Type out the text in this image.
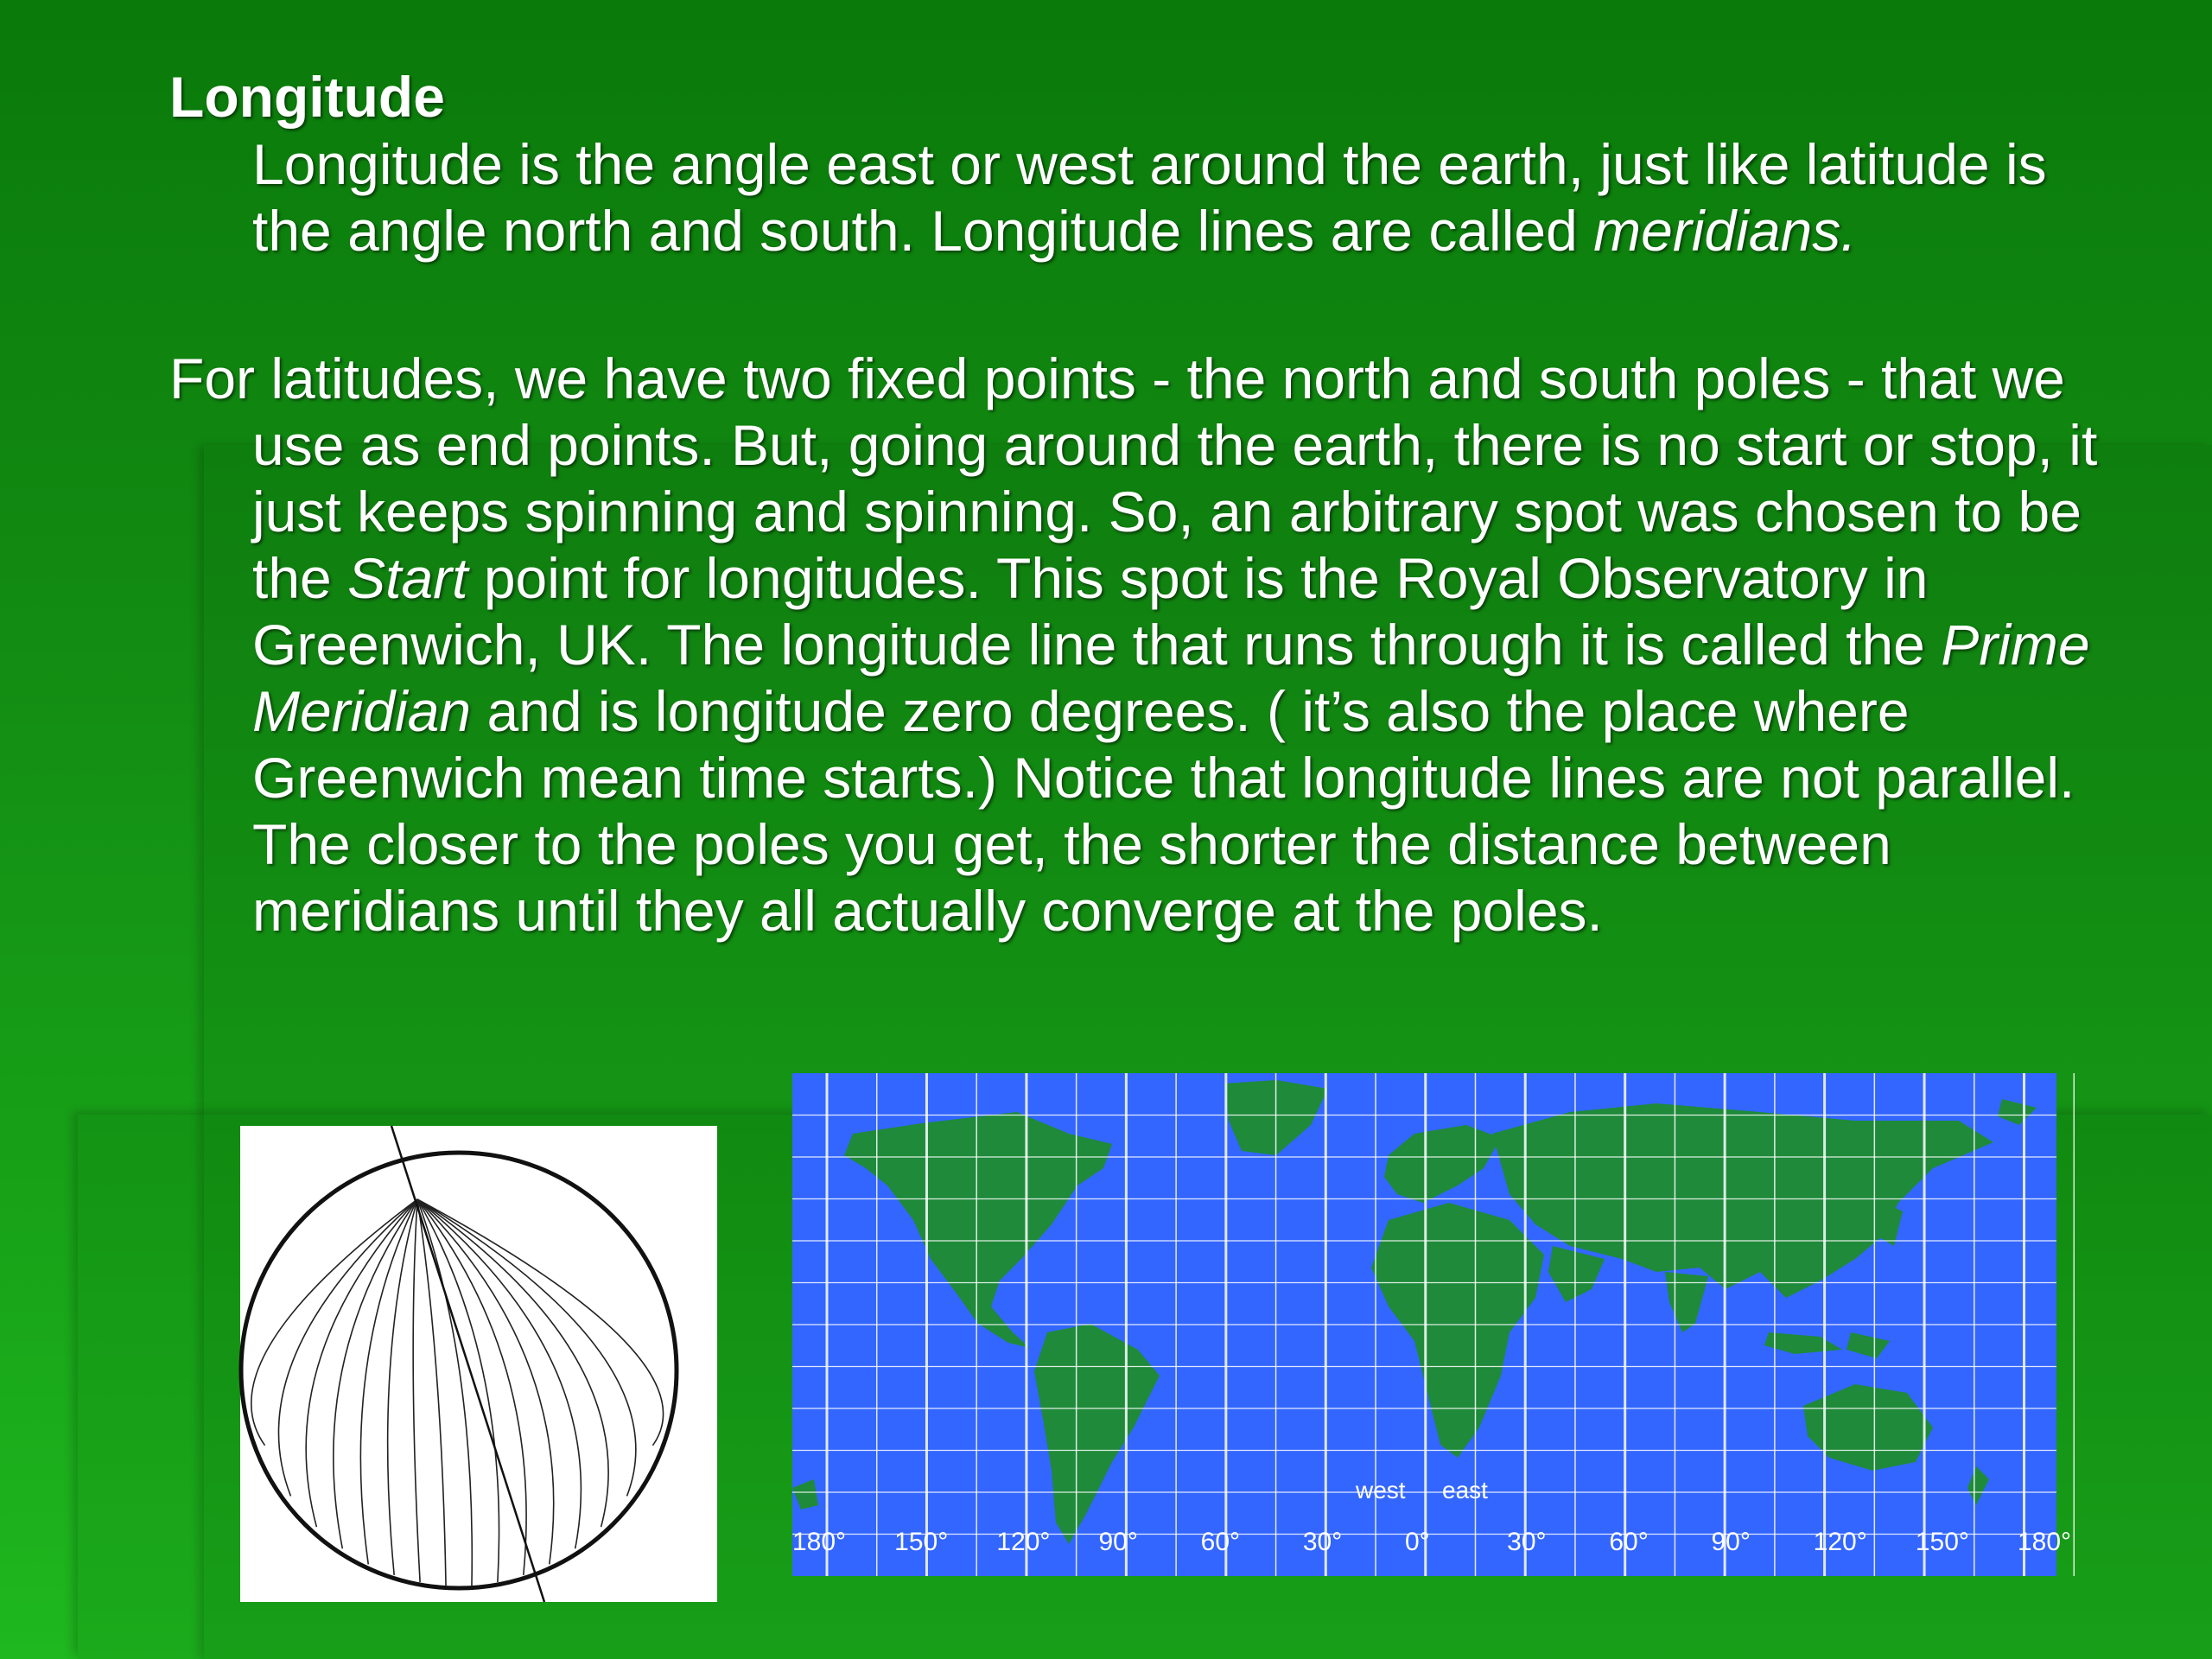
Longitude

Longitude is the angle east or west around the earth, just like latitude is the angle north and south. Longitude lines are called meridians.

For latitudes, we have two fixed points - the north and south poles - that we use as end points. But, going around the earth, there is no start or stop, it just keeps spinning and spinning. So, an arbitrary spot was chosen to be the Start point for longitudes. This spot is the Royal Observatory in Greenwich, UK. The longitude line that runs through it is called the Prime Meridian and is longitude zero degrees. ( it’s also the place where Greenwich mean time starts.) Notice that longitude lines are not parallel. The closer to the poles you get, the shorter the distance between meridians until they all actually converge at the poles.

west east
180° 150° 120° 90° 60° 30° 0°	30° 60° 90° 120° 150° 180°
